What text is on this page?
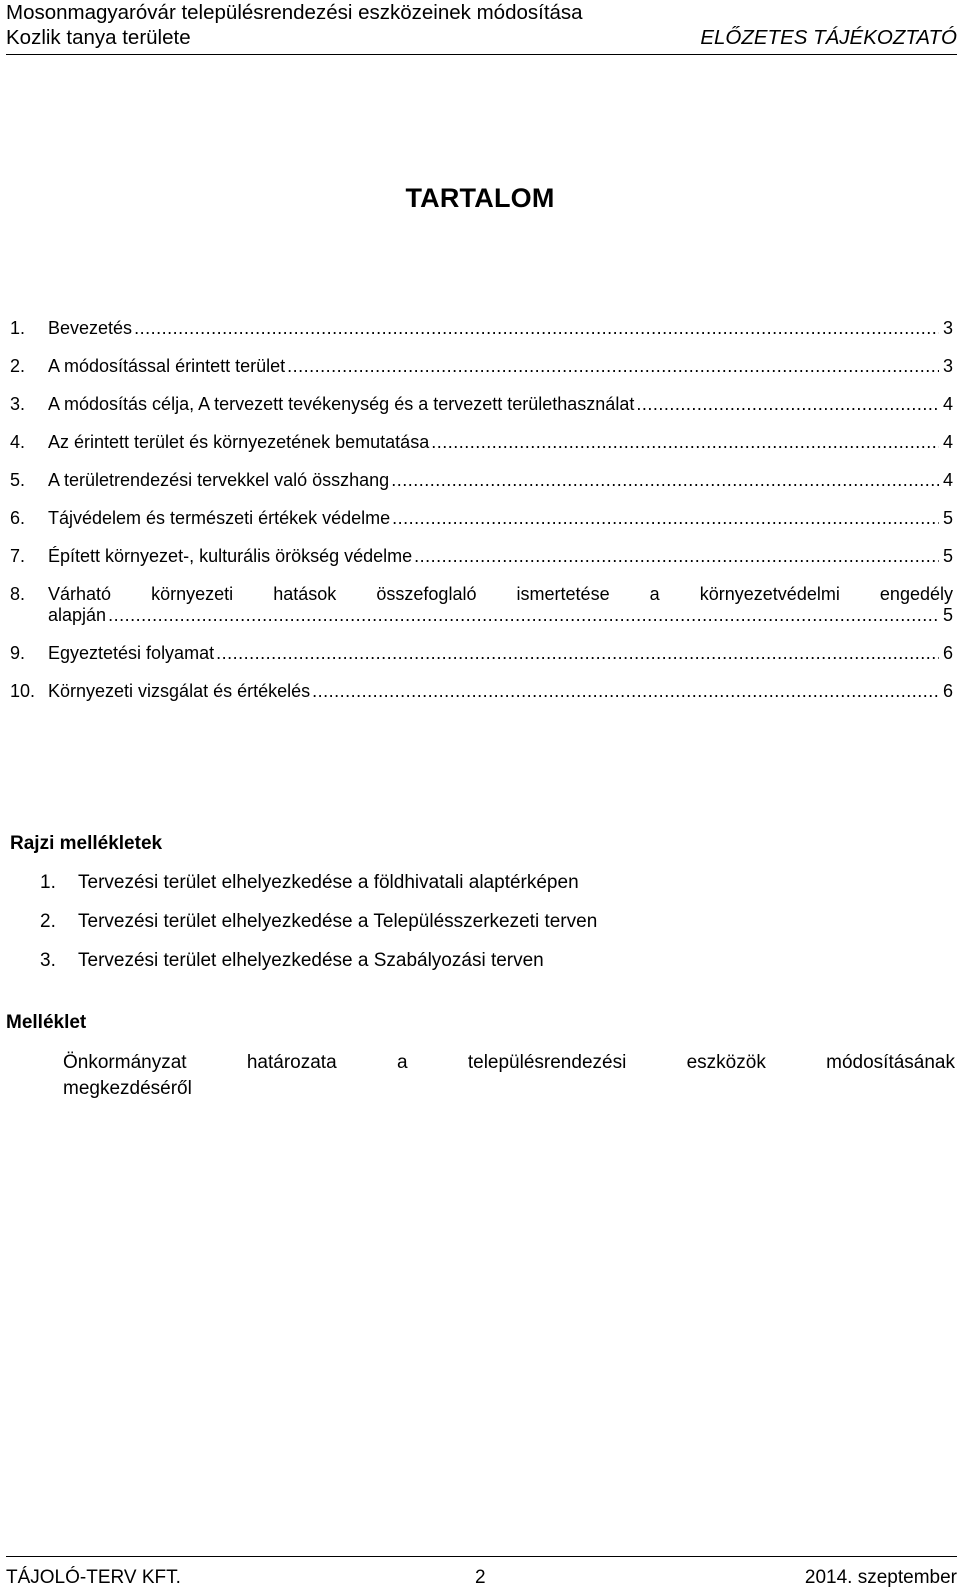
Mosonmagyaróvár településrendezési eszközeinek módosítása
Kozlik tanya területe	ELŐZETES TÁJÉKOZTATÓ
TARTALOM
1. Bevezetés .....	3
2. A módosítással érintett terület .....	3
3. A módosítás célja, A tervezett tevékenység és a tervezett területhasználat .....	4
4. Az érintett terület és környezetének bemutatása .....	4
5. A területrendezési tervekkel való összhang .....	4
6. Tájvédelem és természeti értékek védelme .....	5
7. Épített környezet-, kulturális örökség védelme .....	5
8. Várható környezeti hatások összefoglaló ismertetése a környezetvédelmi engedély
alapján .....	5
9. Egyeztetési folyamat .....	6
10. Környezeti vizsgálat és értékelés .....	6
Rajzi mellékletek
1. Tervezési terület elhelyezkedése a földhivatali alaptérképen
2. Tervezési terület elhelyezkedése a Településszerkezeti terven
3. Tervezési terület elhelyezkedése a Szabályozási terven
Melléklet
Önkormányzat határozata a településrendezési eszközök módosításának
megkezdéséről
TÁJOLÓ-TERV KFT.	2	2014. szeptember
